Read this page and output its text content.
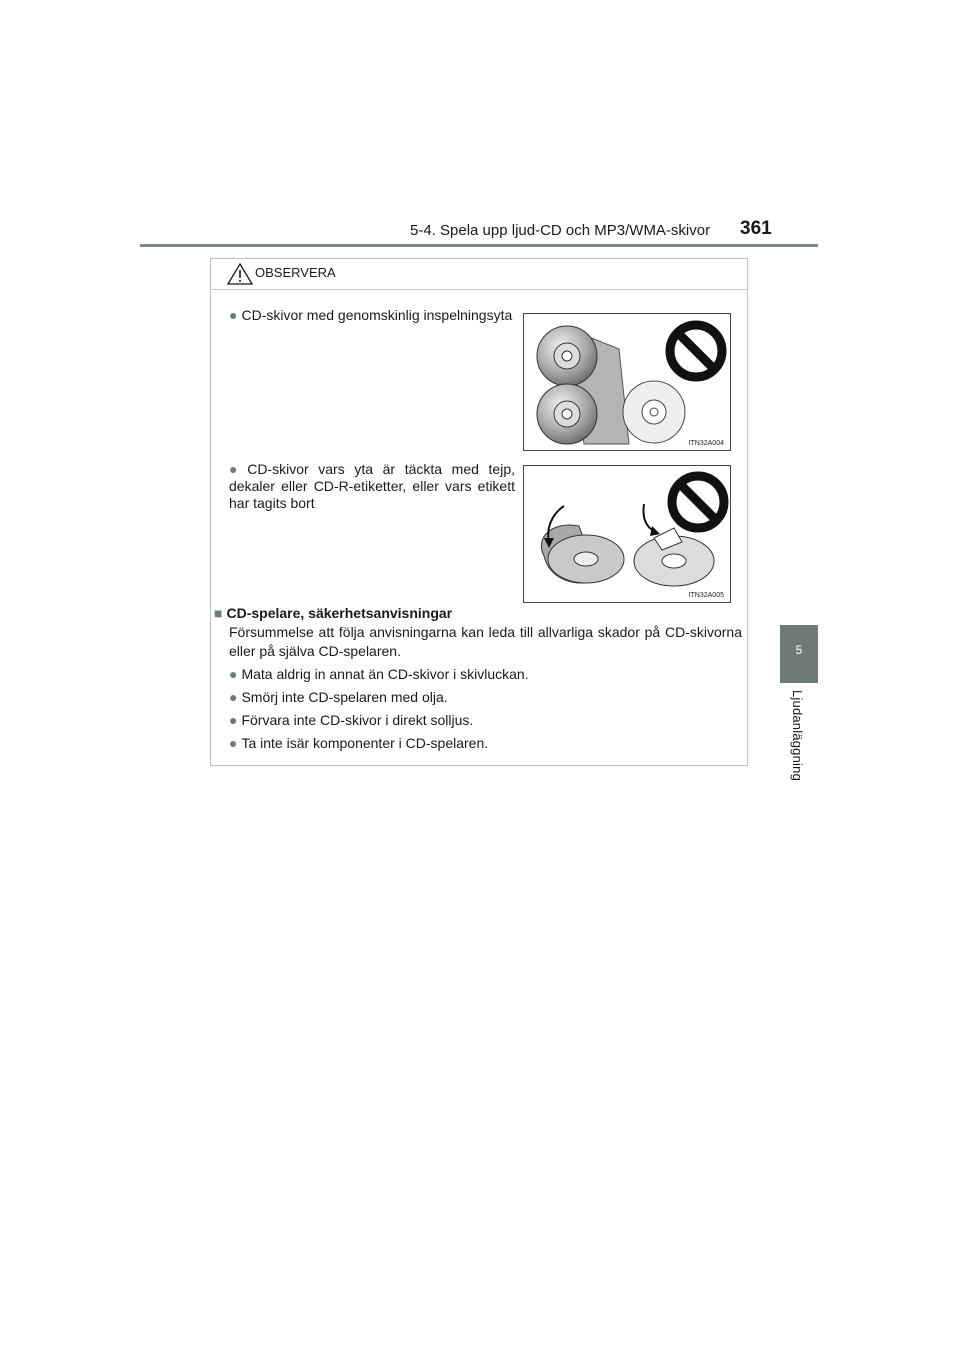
5-4. Spela upp ljud-CD och MP3/WMA-skivor 361
5
Ljudanläggning
OBSERVERA
● CD-skivor med genomskinlig inspelningsyta
ITN32A004
● CD-skivor vars yta är täckta med tejp, dekaler eller CD-R-etiketter, eller vars etikett har tagits bort
ITN32A005
■ CD-spelare, säkerhetsanvisningar
Försummelse att följa anvisningarna kan leda till allvarliga skador på CD-skivorna eller på själva CD-spelaren.
● Mata aldrig in annat än CD-skivor i skivluckan.
● Smörj inte CD-spelaren med olja.
● Förvara inte CD-skivor i direkt solljus.
● Ta inte isär komponenter i CD-spelaren.
